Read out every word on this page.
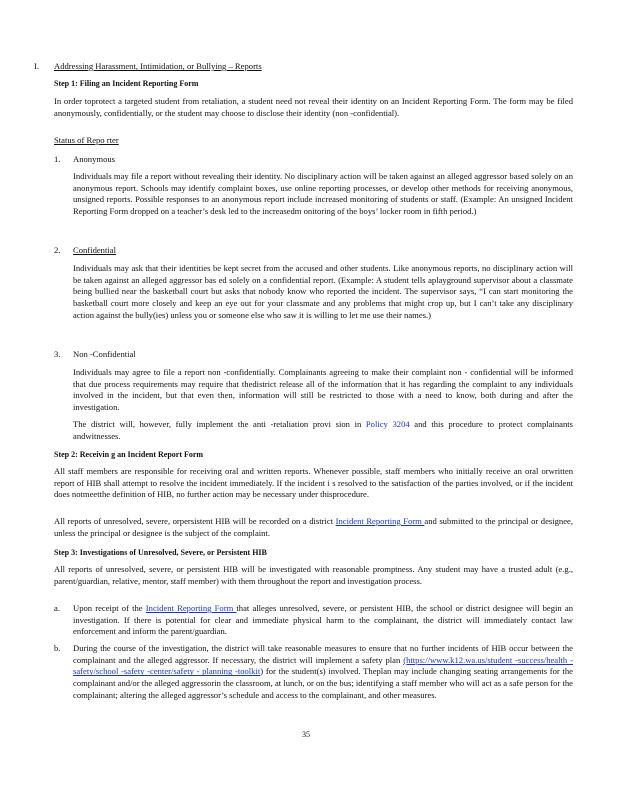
I. Addressing Harassment, Intimidation, or Bullying – Reports
Step 1: Filing an Incident Reporting Form
In order toprotect a targeted student from retaliation, a student need not reveal their identity on an Incident Reporting Form. The form may be filed anonymously, confidentially, or the student may choose to disclose their identity (non -confidential).
Status of Repo rter
1. Anonymous
Individuals may file a report without revealing their identity. No disciplinary action will be taken against an alleged aggressor based solely on an anonymous report. Schools may identify complaint boxes, use online reporting processes, or develop other methods for receiving anonymous, unsigned reports. Possible responses to an anonymous report include increased monitoring of students or staff. (Example: An unsigned Incident Reporting Form dropped on a teacher’s desk led to the increasedm onitoring of the boys’ locker room in fifth period.)
2. Confidential
Individuals may ask that their identities be kept secret from the accused and other students. Like anonymous reports, no disciplinary action will be taken against an alleged aggressor bas ed solely on a confidential report. (Example: A student tells aplayground supervisor about a classmate being bullied near the basketball court but asks that nobody know who reported the incident. The supervisor says, “I can start monitoring the basketball court more closely and keep an eye out for your classmate and any problems that might crop up, but I can’t take any disciplinary action against the bully(ies) unless you or someone else who saw it is willing to let me use their names.)
3. Non -Confidential
Individuals may agree to file a report non -confidentially. Complainants agreeing to make their complaint non - confidential will be informed that due process requirements may require that thedistrict release all of the information that it has regarding the complaint to any individuals involved in the incident, but that even then, information will still be restricted to those with a need to know, both during and after the investigation.
The district will, however, fully implement the anti -retaliation provi sion in Policy 3204 and this procedure to protect complainants andwitnesses.
Step 2: Receivin g an Incident Report Form
All staff members are responsible for receiving oral and written reports. Whenever possible, staff members who initially receive an oral orwritten report of HIB shall attempt to resolve the incident immediately. If the incident i s resolved to the satisfaction of the parties involved, or if the incident does notmeetthe definition of HIB, no further action may be necessary under thisprocedure.
All reports of unresolved, severe, orpersistent HIB will be recorded on a district Incident Reporting Form and submitted to the principal or designee, unless the principal or designee is the subject of the complaint.
Step 3: Investigations of Unresolved, Severe, or Persistent HIB
All reports of unresolved, severe, or persistent HIB will be investigated with reasonable promptness. Any student may have a trusted adult (e.g., parent/guardian, relative, mentor, staff member) with them throughout the report and investigation process.
a. Upon receipt of the Incident Reporting Form that alleges unresolved, severe, or persistent HIB, the school or district designee will begin an investigation. If there is potential for clear and immediate physical harm to the complainant, the district will immediately contact law enforcement and inform the parent/guardian.
b. During the course of the investigation, the district will take reasonable measures to ensure that no further incidents of HIB occur between the complainant and the alleged aggressor. If necessary, the district will implement a safety plan (https://www.k12.wa.us/student -success/health -safety/school -safety -center/safety - planning -toolkit) for the student(s) involved. Theplan may include changing seating arrangements for the complainant and/or the alleged aggressorin the classroom, at lunch, or on the bus; identifying a staff member who will act as a safe person for the complainant; altering the alleged aggressor’s schedule and access to the complainant, and other measures.
35
